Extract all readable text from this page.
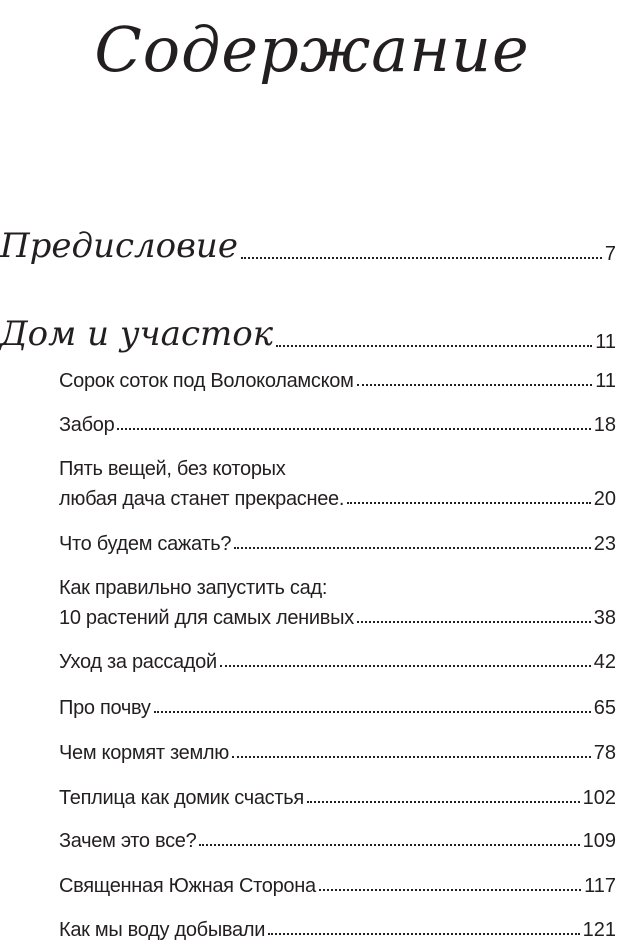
Содержание
Предисловие	7
Дом и участок	11
Сорок соток под Волоколамском	11
Забор	18
Пять вещей, без которых
любая дача станет прекраснее.	20
Что будем сажать?	23
Как правильно запустить сад:
10 растений для самых ленивых	38
Уход за рассадой	42
Про почву	65
Чем кормят землю	78
Теплица как домик счастья	102
Зачем это все?	109
Священная Южная Сторона	117
Как мы воду добывали	121
